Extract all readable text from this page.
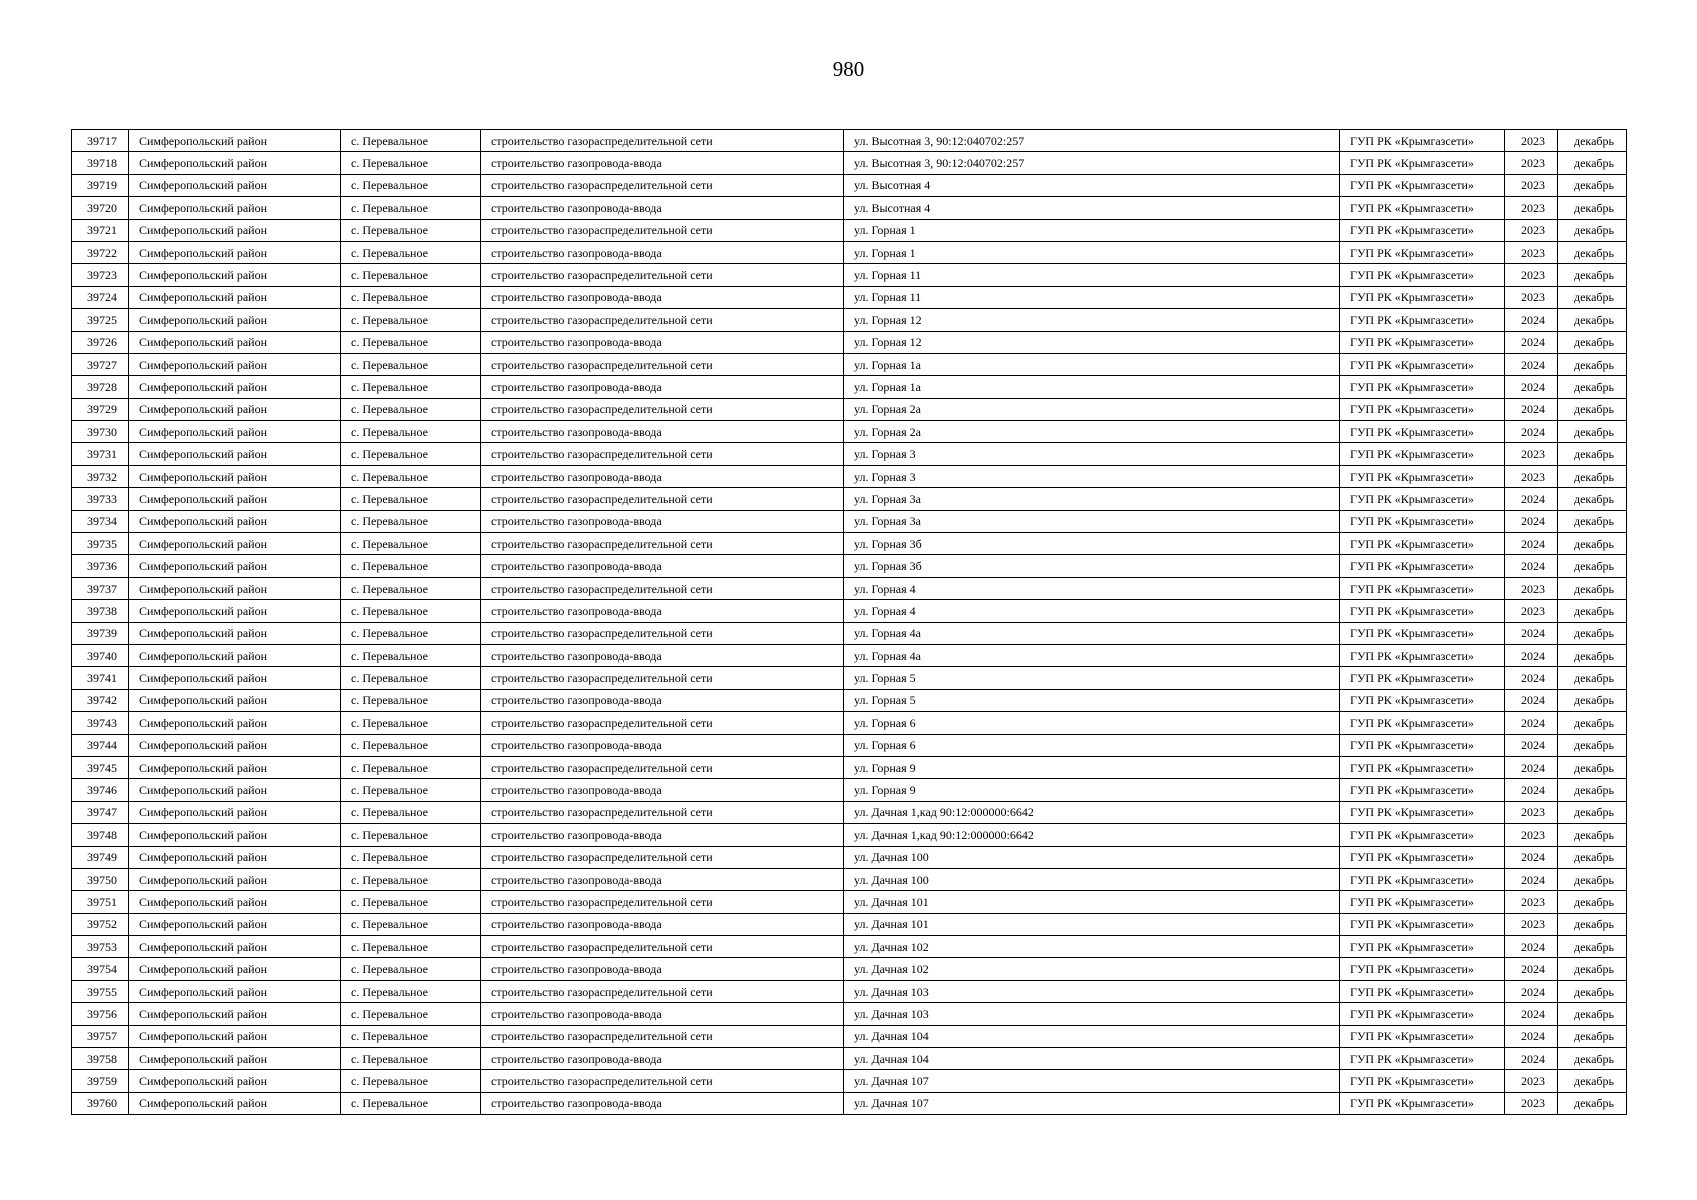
980
39717	Симферопольский район	с. Перевальное	строительство газораспределительной сети	ул. Высотная 3, 90:12:040702:257	ГУП РК «Крымгазсети»	2023	декабрь
39718	Симферопольский район	с. Перевальное	строительство газопровода-ввода	ул. Высотная 3, 90:12:040702:257	ГУП РК «Крымгазсети»	2023	декабрь
39719	Симферопольский район	с. Перевальное	строительство газораспределительной сети	ул. Высотная 4	ГУП РК «Крымгазсети»	2023	декабрь
39720	Симферопольский район	с. Перевальное	строительство газопровода-ввода	ул. Высотная 4	ГУП РК «Крымгазсети»	2023	декабрь
39721	Симферопольский район	с. Перевальное	строительство газораспределительной сети	ул. Горная 1	ГУП РК «Крымгазсети»	2023	декабрь
39722	Симферопольский район	с. Перевальное	строительство газопровода-ввода	ул. Горная 1	ГУП РК «Крымгазсети»	2023	декабрь
39723	Симферопольский район	с. Перевальное	строительство газораспределительной сети	ул. Горная 11	ГУП РК «Крымгазсети»	2023	декабрь
39724	Симферопольский район	с. Перевальное	строительство газопровода-ввода	ул. Горная 11	ГУП РК «Крымгазсети»	2023	декабрь
39725	Симферопольский район	с. Перевальное	строительство газораспределительной сети	ул. Горная 12	ГУП РК «Крымгазсети»	2024	декабрь
39726	Симферопольский район	с. Перевальное	строительство газопровода-ввода	ул. Горная 12	ГУП РК «Крымгазсети»	2024	декабрь
39727	Симферопольский район	с. Перевальное	строительство газораспределительной сети	ул. Горная 1а	ГУП РК «Крымгазсети»	2024	декабрь
39728	Симферопольский район	с. Перевальное	строительство газопровода-ввода	ул. Горная 1а	ГУП РК «Крымгазсети»	2024	декабрь
39729	Симферопольский район	с. Перевальное	строительство газораспределительной сети	ул. Горная 2а	ГУП РК «Крымгазсети»	2024	декабрь
39730	Симферопольский район	с. Перевальное	строительство газопровода-ввода	ул. Горная 2а	ГУП РК «Крымгазсети»	2024	декабрь
39731	Симферопольский район	с. Перевальное	строительство газораспределительной сети	ул. Горная 3	ГУП РК «Крымгазсети»	2023	декабрь
39732	Симферопольский район	с. Перевальное	строительство газопровода-ввода	ул. Горная 3	ГУП РК «Крымгазсети»	2023	декабрь
39733	Симферопольский район	с. Перевальное	строительство газораспределительной сети	ул. Горная 3а	ГУП РК «Крымгазсети»	2024	декабрь
39734	Симферопольский район	с. Перевальное	строительство газопровода-ввода	ул. Горная 3а	ГУП РК «Крымгазсети»	2024	декабрь
39735	Симферопольский район	с. Перевальное	строительство газораспределительной сети	ул. Горная 3б	ГУП РК «Крымгазсети»	2024	декабрь
39736	Симферопольский район	с. Перевальное	строительство газопровода-ввода	ул. Горная 3б	ГУП РК «Крымгазсети»	2024	декабрь
39737	Симферопольский район	с. Перевальное	строительство газораспределительной сети	ул. Горная 4	ГУП РК «Крымгазсети»	2023	декабрь
39738	Симферопольский район	с. Перевальное	строительство газопровода-ввода	ул. Горная 4	ГУП РК «Крымгазсети»	2023	декабрь
39739	Симферопольский район	с. Перевальное	строительство газораспределительной сети	ул. Горная 4а	ГУП РК «Крымгазсети»	2024	декабрь
39740	Симферопольский район	с. Перевальное	строительство газопровода-ввода	ул. Горная 4а	ГУП РК «Крымгазсети»	2024	декабрь
39741	Симферопольский район	с. Перевальное	строительство газораспределительной сети	ул. Горная 5	ГУП РК «Крымгазсети»	2024	декабрь
39742	Симферопольский район	с. Перевальное	строительство газопровода-ввода	ул. Горная 5	ГУП РК «Крымгазсети»	2024	декабрь
39743	Симферопольский район	с. Перевальное	строительство газораспределительной сети	ул. Горная 6	ГУП РК «Крымгазсети»	2024	декабрь
39744	Симферопольский район	с. Перевальное	строительство газопровода-ввода	ул. Горная 6	ГУП РК «Крымгазсети»	2024	декабрь
39745	Симферопольский район	с. Перевальное	строительство газораспределительной сети	ул. Горная 9	ГУП РК «Крымгазсети»	2024	декабрь
39746	Симферопольский район	с. Перевальное	строительство газопровода-ввода	ул. Горная 9	ГУП РК «Крымгазсети»	2024	декабрь
39747	Симферопольский район	с. Перевальное	строительство газораспределительной сети	ул. Дачная 1,кад 90:12:000000:6642	ГУП РК «Крымгазсети»	2023	декабрь
39748	Симферопольский район	с. Перевальное	строительство газопровода-ввода	ул. Дачная 1,кад 90:12:000000:6642	ГУП РК «Крымгазсети»	2023	декабрь
39749	Симферопольский район	с. Перевальное	строительство газораспределительной сети	ул. Дачная 100	ГУП РК «Крымгазсети»	2024	декабрь
39750	Симферопольский район	с. Перевальное	строительство газопровода-ввода	ул. Дачная 100	ГУП РК «Крымгазсети»	2024	декабрь
39751	Симферопольский район	с. Перевальное	строительство газораспределительной сети	ул. Дачная 101	ГУП РК «Крымгазсети»	2023	декабрь
39752	Симферопольский район	с. Перевальное	строительство газопровода-ввода	ул. Дачная 101	ГУП РК «Крымгазсети»	2023	декабрь
39753	Симферопольский район	с. Перевальное	строительство газораспределительной сети	ул. Дачная 102	ГУП РК «Крымгазсети»	2024	декабрь
39754	Симферопольский район	с. Перевальное	строительство газопровода-ввода	ул. Дачная 102	ГУП РК «Крымгазсети»	2024	декабрь
39755	Симферопольский район	с. Перевальное	строительство газораспределительной сети	ул. Дачная 103	ГУП РК «Крымгазсети»	2024	декабрь
39756	Симферопольский район	с. Перевальное	строительство газопровода-ввода	ул. Дачная 103	ГУП РК «Крымгазсети»	2024	декабрь
39757	Симферопольский район	с. Перевальное	строительство газораспределительной сети	ул. Дачная 104	ГУП РК «Крымгазсети»	2024	декабрь
39758	Симферопольский район	с. Перевальное	строительство газопровода-ввода	ул. Дачная 104	ГУП РК «Крымгазсети»	2024	декабрь
39759	Симферопольский район	с. Перевальное	строительство газораспределительной сети	ул. Дачная 107	ГУП РК «Крымгазсети»	2023	декабрь
39760	Симферопольский район	с. Перевальное	строительство газопровода-ввода	ул. Дачная 107	ГУП РК «Крымгазсети»	2023	декабрь
